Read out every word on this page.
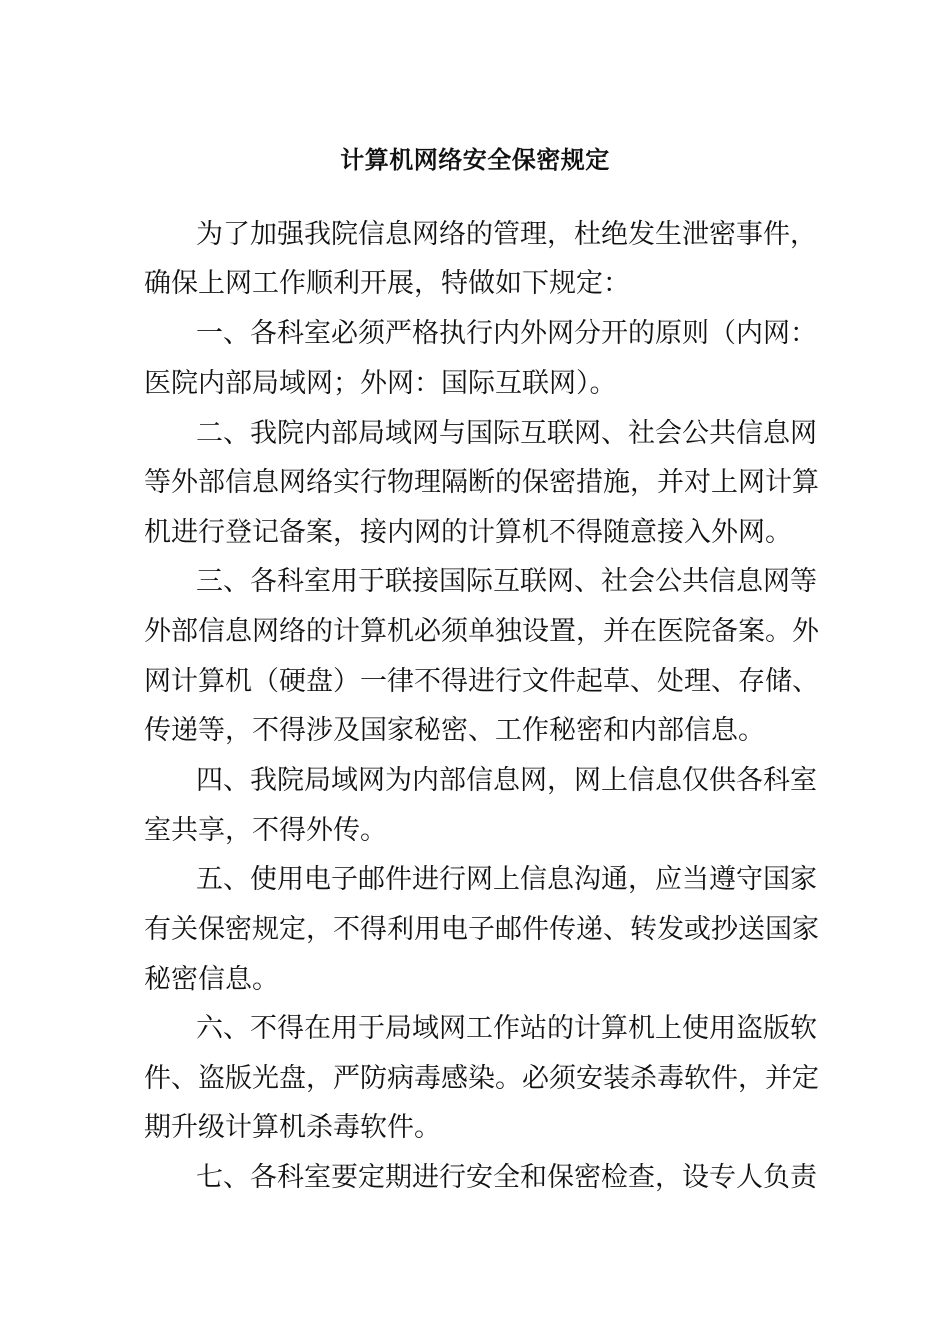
计算机网络安全保密规定
为了加强我院信息网络的管理，杜绝发生泄密事件，
确保上网工作顺利开展，特做如下规定：
一、各科室必须严格执行内外网分开的原则（内网：
医院内部局域网；外网：国际互联网）。
二、我院内部局域网与国际互联网、社会公共信息网
等外部信息网络实行物理隔断的保密措施，并对上网计算
机进行登记备案，接内网的计算机不得随意接入外网。
三、各科室用于联接国际互联网、社会公共信息网等
外部信息网络的计算机必须单独设置，并在医院备案。外
网计算机（硬盘）一律不得进行文件起草、处理、存储、
传递等，不得涉及国家秘密、工作秘密和内部信息。
四、我院局域网为内部信息网，网上信息仅供各科室
室共享，不得外传。
五、使用电子邮件进行网上信息沟通，应当遵守国家
有关保密规定，不得利用电子邮件传递、转发或抄送国家
秘密信息。
六、不得在用于局域网工作站的计算机上使用盗版软
件、盗版光盘，严防病毒感染。必须安装杀毒软件，并定
期升级计算机杀毒软件。
七、各科室要定期进行安全和保密检查，设专人负责
